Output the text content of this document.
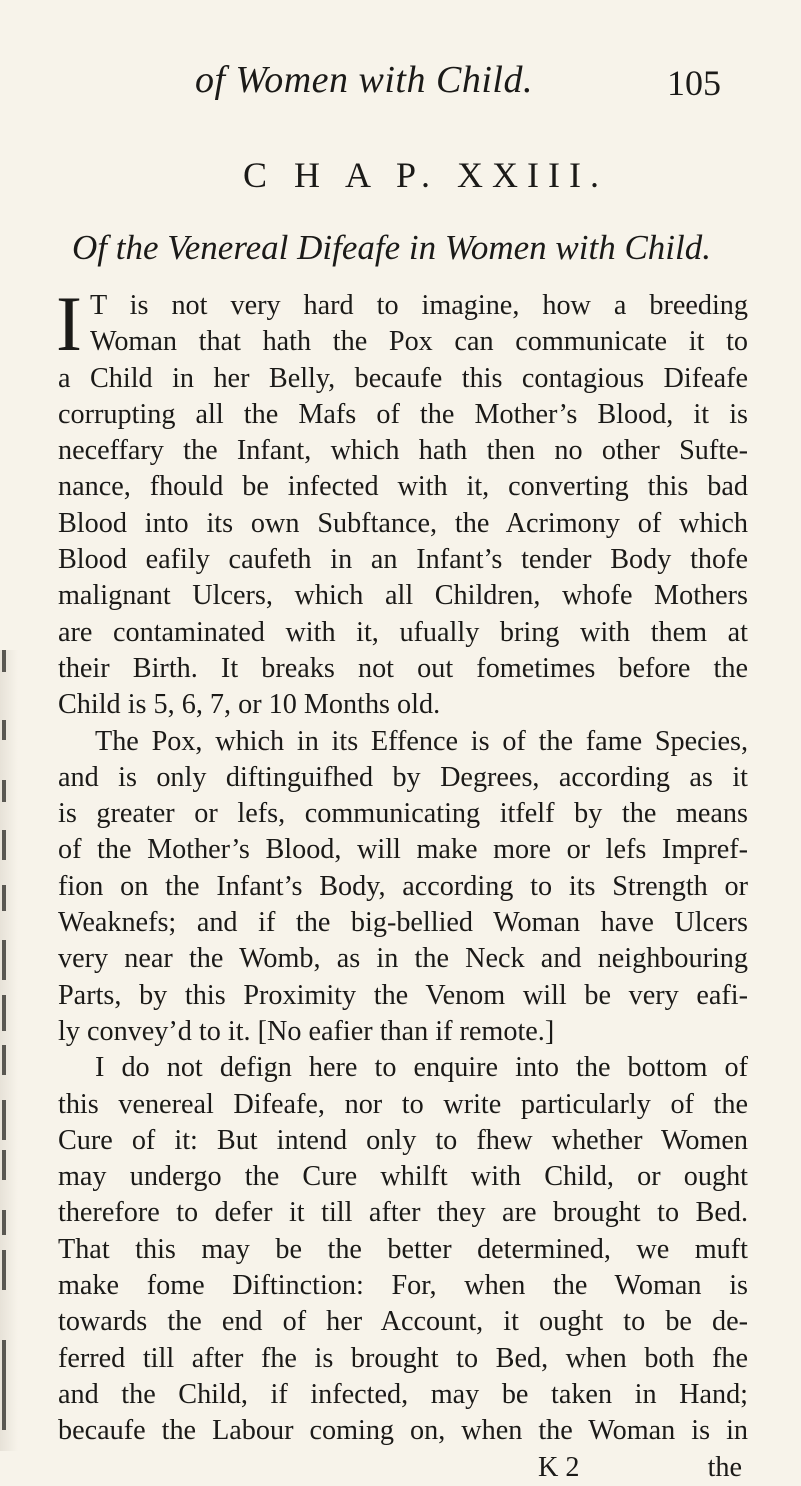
of Women with Child.	105
C H A P. XXIII.
Of the Venereal Difeafe in Women with Child.
I T is not very hard to imagine, how a breeding
Woman that hath the Pox can communicate it to
a Child in her Belly, becaufe this contagious Difeafe
corrupting all the Mafs of the Mother’s Blood, it is
neceffary the Infant, which hath then no other Sufte-
nance, fhould be infected with it, converting this bad
Blood into its own Subftance, the Acrimony of which
Blood eafily caufeth in an Infant’s tender Body thofe
malignant Ulcers, which all Children, whofe Mothers
are contaminated with it, ufually bring with them at
their Birth. It breaks not out fometimes before the
Child is 5, 6, 7, or 10 Months old.
The Pox, which in its Effence is of the fame Species,
and is only diftinguifhed by Degrees, according as it
is greater or lefs, communicating itfelf by the means
of the Mother’s Blood, will make more or lefs Impref-
fion on the Infant’s Body, according to its Strength or
Weaknefs; and if the big-bellied Woman have Ulcers
very near the Womb, as in the Neck and neighbouring
Parts, by this Proximity the Venom will be very eafi-
ly convey’d to it. [No eafier than if remote.]
I do not defign here to enquire into the bottom of
this venereal Difeafe, nor to write particularly of the
Cure of it: But intend only to fhew whether Women
may undergo the Cure whilft with Child, or ought
therefore to defer it till after they are brought to Bed.
That this may be the better determined, we muft
make fome Diftinction: For, when the Woman is
towards the end of her Account, it ought to be de-
ferred till after fhe is brought to Bed, when both fhe
and the Child, if infected, may be taken in Hand;
becaufe the Labour coming on, when the Woman is in
K 2	the
